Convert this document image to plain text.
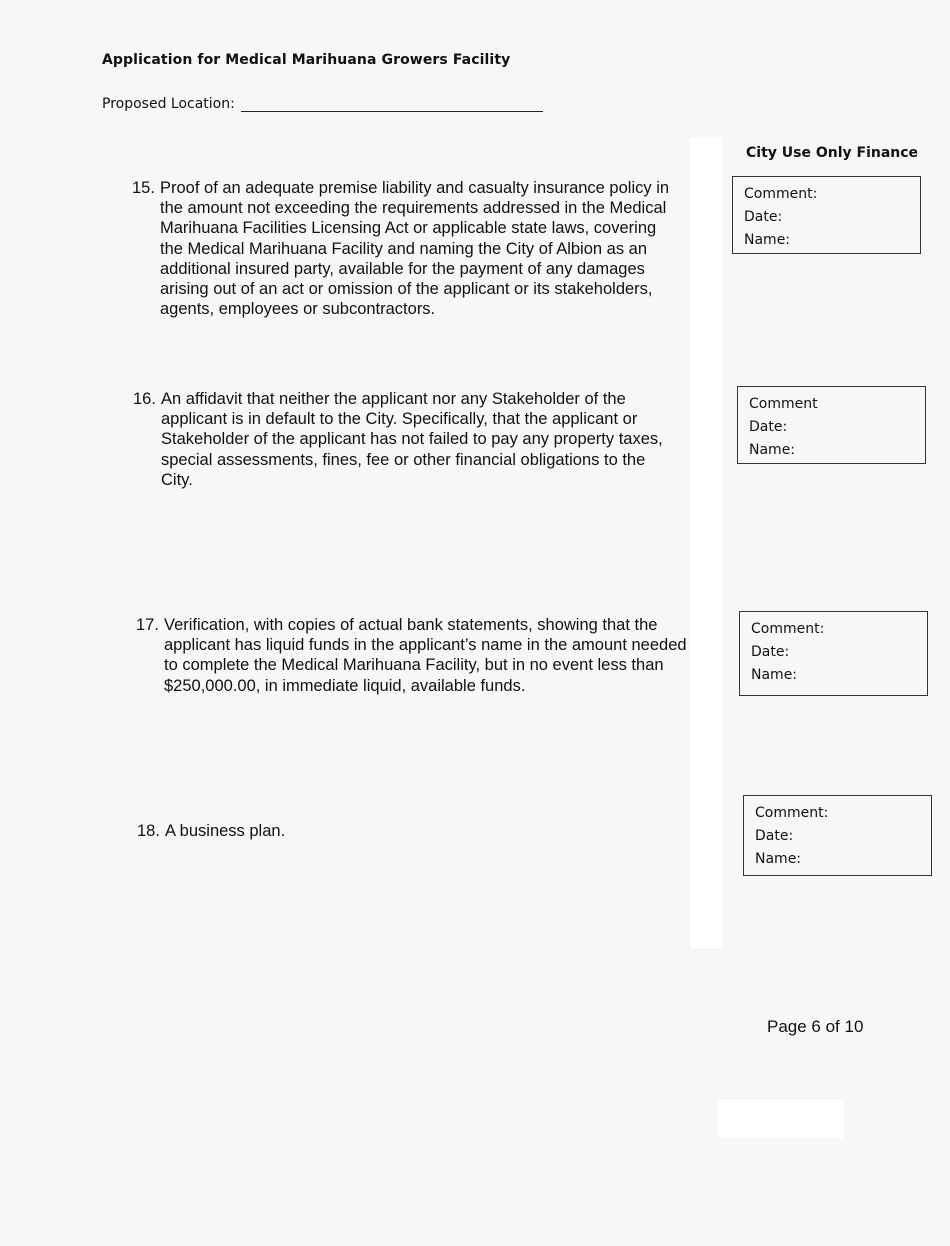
Application for Medical Marihuana Growers Facility
Proposed Location:
City Use Only Finance
15. Proof of an adequate premise liability and casualty insurance policy in the amount not exceeding the requirements addressed in the Medical Marihuana Facilities Licensing Act or applicable state laws, covering the Medical Marihuana Facility and naming the City of Albion as an additional insured party, available for the payment of any damages arising out of an act or omission of the applicant or its stakeholders, agents, employees or subcontractors.
Comment:
Date:
Name:
16. An affidavit that neither the applicant nor any Stakeholder of the applicant is in default to the City. Specifically, that the applicant or Stakeholder of the applicant has not failed to pay any property taxes, special assessments, fines, fee or other financial obligations to the City.
Comment
Date:
Name:
17. Verification, with copies of actual bank statements, showing that the applicant has liquid funds in the applicant’s name in the amount needed to complete the Medical Marihuana Facility, but in no event less than $250,000.00, in immediate liquid, available funds.
Comment:
Date:
Name:
18. A business plan.
Comment:
Date:
Name:
Page 6 of 10
